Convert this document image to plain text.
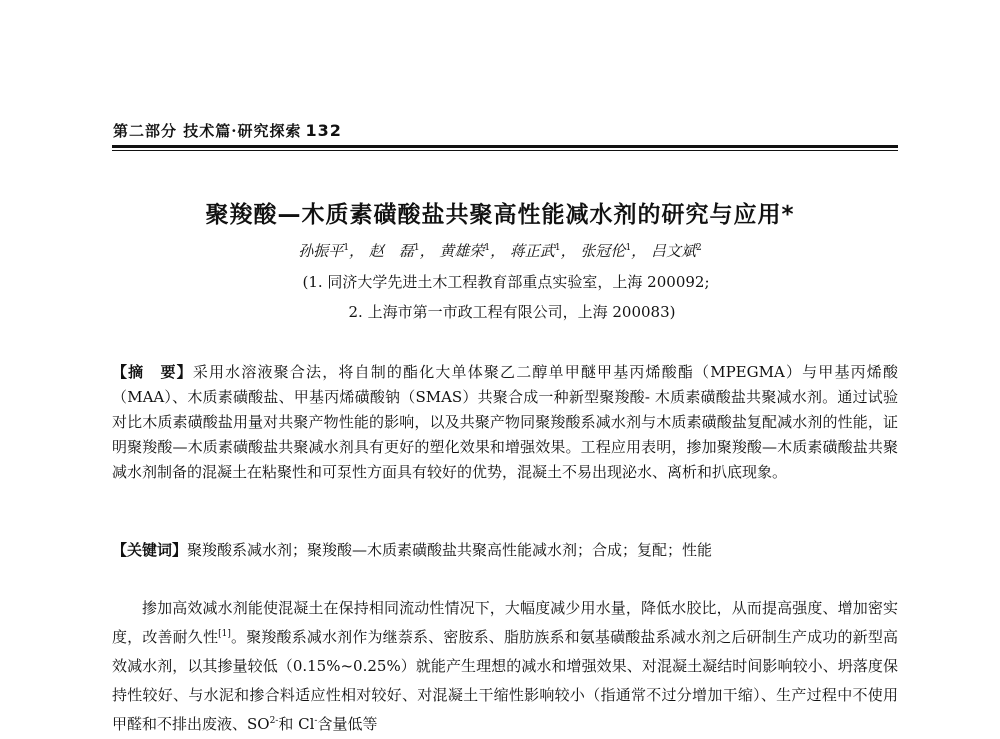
第二部分 技术篇·研究探索 132
聚羧酸—木质素磺酸盐共聚高性能减水剂的研究与应用*
孙振平$^1$， 赵　磊$^1$， 黄雄荣$^1$， 蒋正武$^1$， 张冠伦$^1$， 吕文斌$^2$
(1. 同济大学先进土木工程教育部重点实验室，上海 200092;
2. 上海市第一市政工程有限公司，上海 200083)
【摘　要】采用水溶液聚合法，将自制的酯化大单体聚乙二醇单甲醚甲基丙烯酸酯（MPEGMA）与甲基丙烯酸（MAA）、木质素磺酸盐、甲基丙烯磺酸钠（SMAS）共聚合成一种新型聚羧酸- 木质素磺酸盐共聚减水剂。通过试验对比木质素磺酸盐用量对共聚产物性能的影响，以及共聚产物同聚羧酸系减水剂与木质素磺酸盐复配减水剂的性能，证明聚羧酸—木质素磺酸盐共聚减水剂具有更好的塑化效果和增强效果。工程应用表明，掺加聚羧酸—木质素磺酸盐共聚减水剂制备的混凝土在粘聚性和可泵性方面具有较好的优势，混凝土不易出现泌水、离析和扒底现象。
【关键词】聚羧酸系减水剂；聚羧酸—木质素磺酸盐共聚高性能减水剂；合成；复配；性能
掺加高效减水剂能使混凝土在保持相同流动性情况下，大幅度减少用水量，降低水胶比，从而提高强度、增加密实度，改善耐久性[1]。聚羧酸系减水剂作为继萘系、密胺系、脂肪族系和氨基磺酸盐系减水剂之后研制生产成功的新型高效减水剂，以其掺量较低（0.15%~0.25%）就能产生理想的减水和增强效果、对混凝土凝结时间影响较小、坍落度保持性较好、与水泥和掺合料适应性相对较好、对混凝土干缩性影响较小（指通常不过分增加干缩）、生产过程中不使用甲醛和不排出废液、$SO^{2-}$和 Cl-含量低等
